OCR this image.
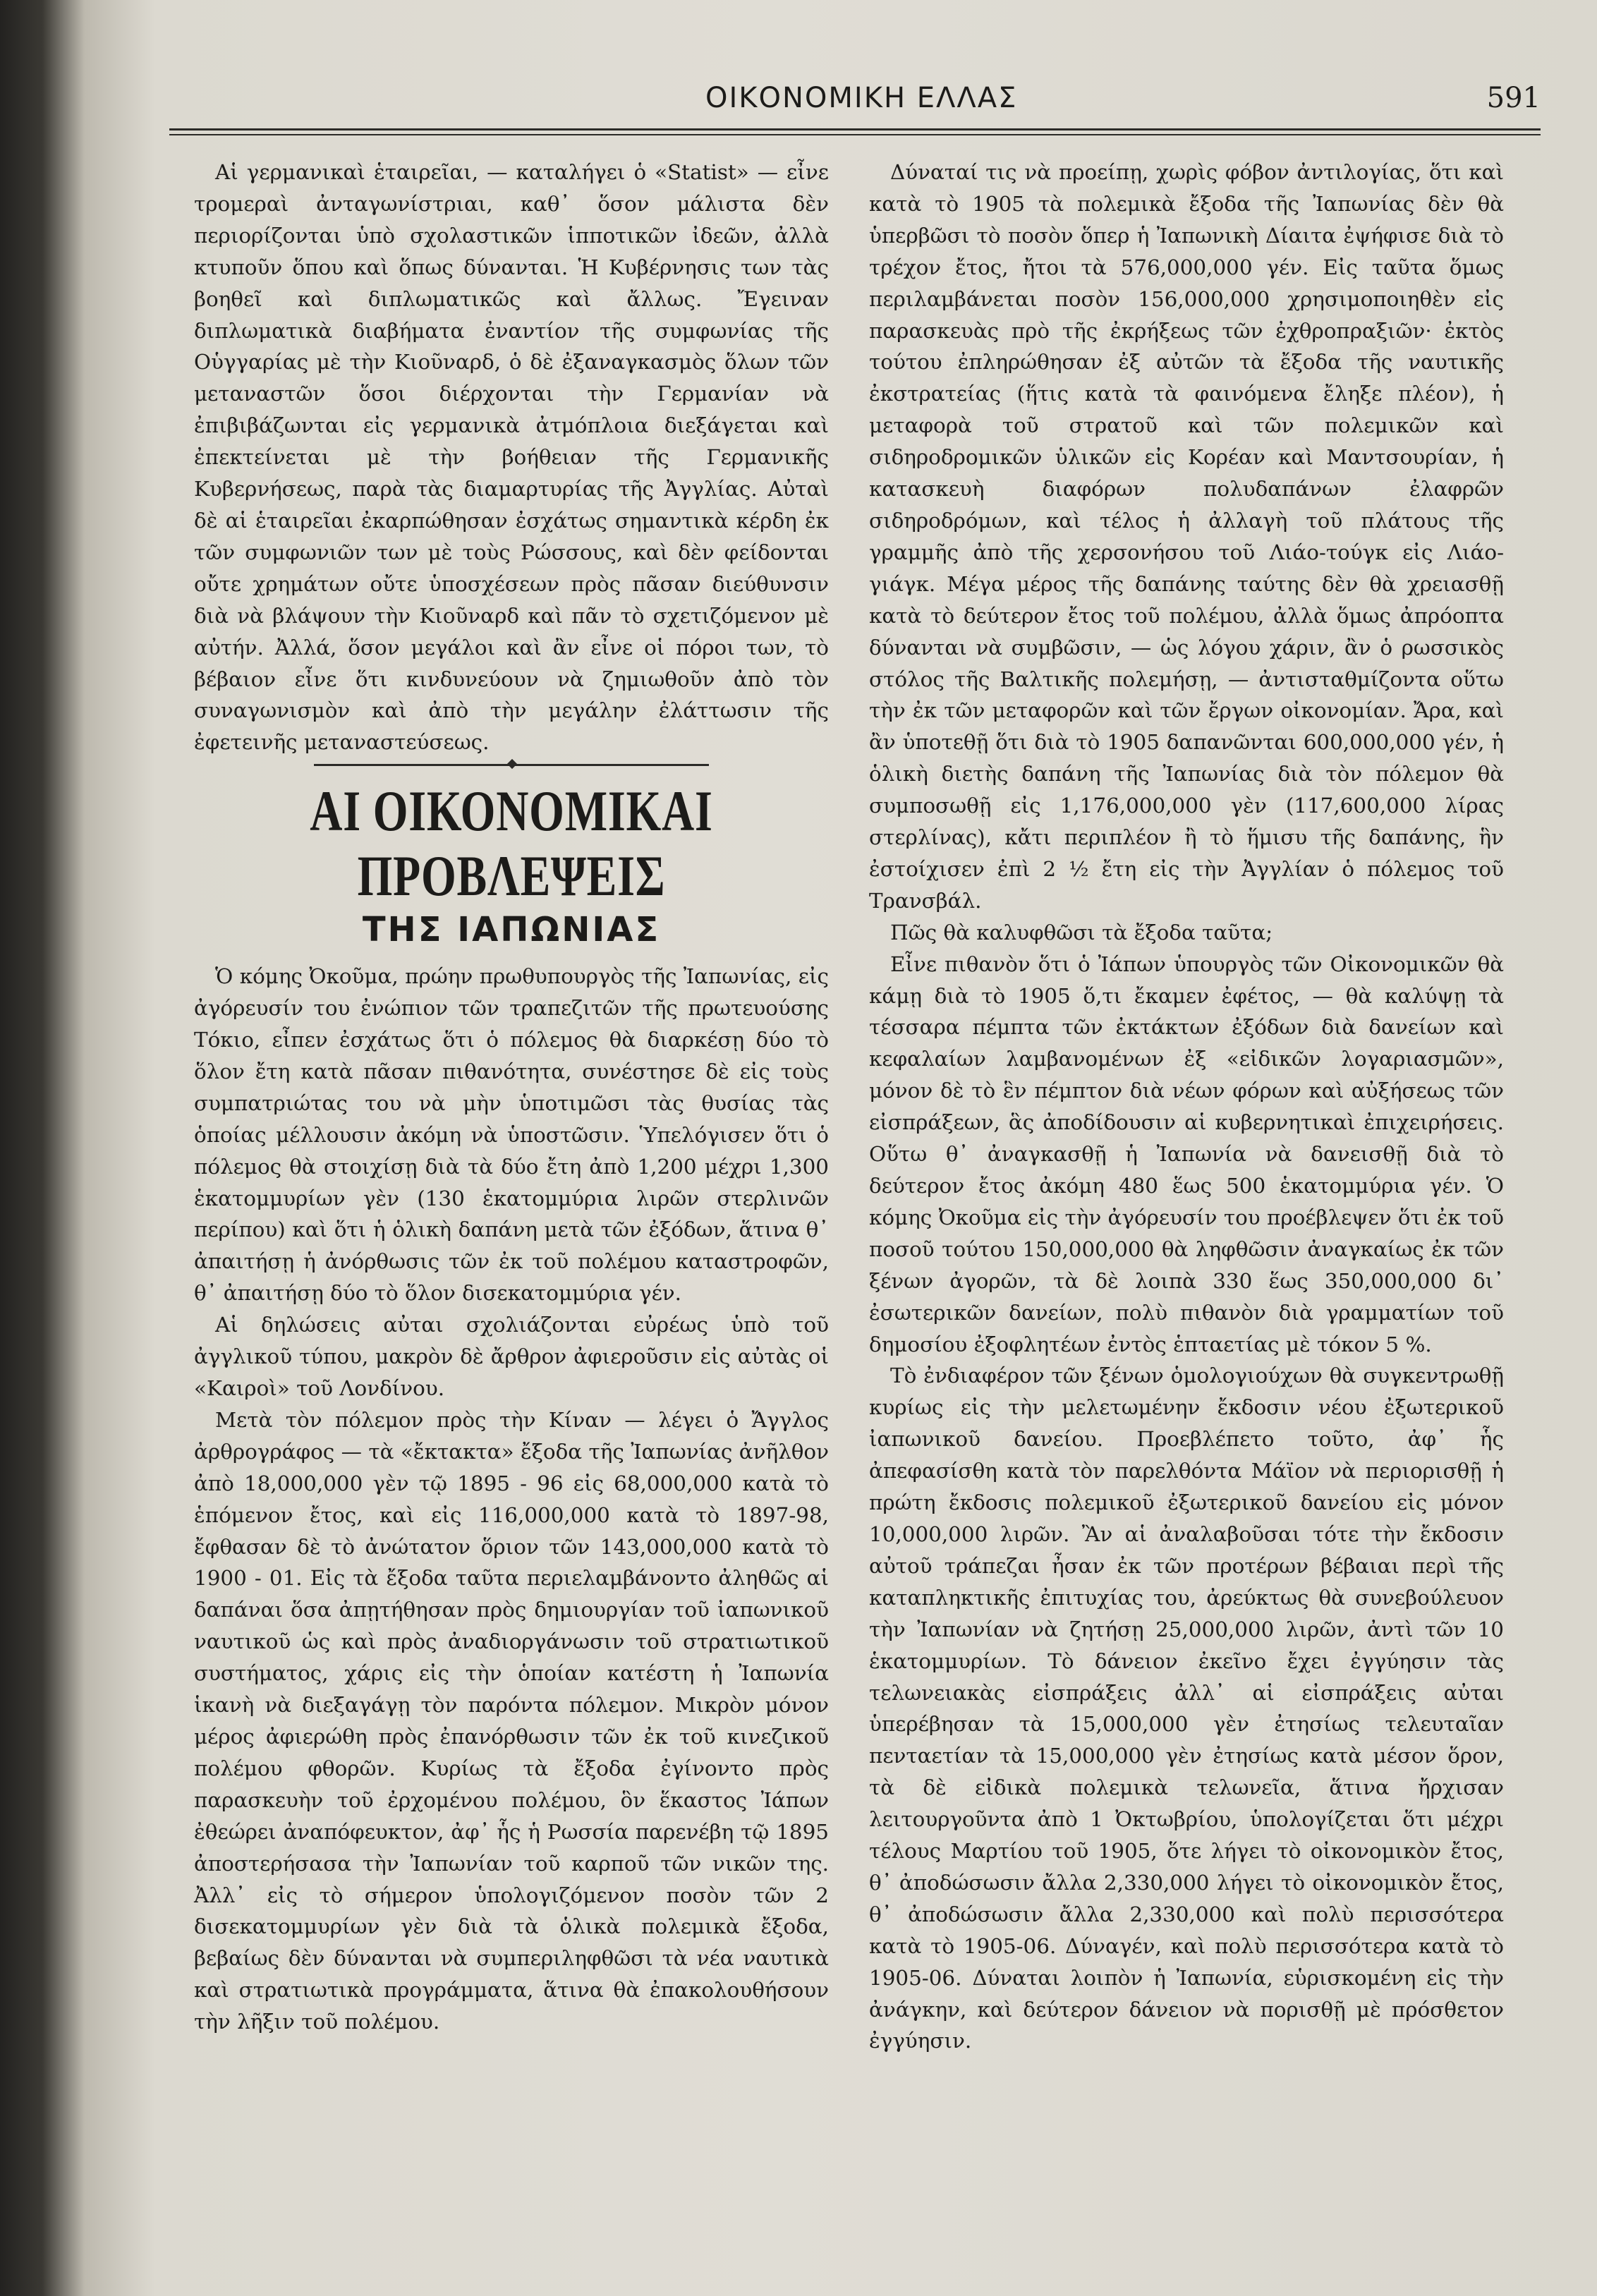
ΟΙΚΟΝΟΜΙΚΗ ΕΛΛΑΣ	591

Αἱ γερμανικαὶ ἑταιρεῖαι, — καταλήγει ὁ «Statist» — εἶνε τρομεραὶ ἀνταγωνίστριαι, καθ᾿ ὅσον μάλιστα δὲν περιορίζονται ὑπὸ σχολαστικῶν ἱπποτικῶν ἰδεῶν, ἀλλὰ κτυποῦν ὅπου καὶ ὅπως δύνανται. Ἡ Κυβέρνησις των τὰς βοηθεῖ καὶ διπλωματικῶς καὶ ἄλλως. Ἔγειναν διπλωματικὰ διαβήματα ἐναντίον τῆς συμφωνίας τῆς Οὑγγαρίας μὲ τὴν Κιοῦναρδ, ὁ δὲ ἐξαναγκασμὸς ὅλων τῶν μεταναστῶν ὅσοι διέρχονται τὴν Γερμανίαν νὰ ἐπιβιβάζωνται εἰς γερμανικὰ ἀτμόπλοια διεξάγεται καὶ ἐπεκτείνεται μὲ τὴν βοήθειαν τῆς Γερμανικῆς Κυβερνήσεως, παρὰ τὰς διαμαρτυρίας τῆς Ἀγγλίας. Αὐταὶ δὲ αἱ ἑταιρεῖαι ἐκαρπώθησαν ἐσχάτως σημαντικὰ κέρδη ἐκ τῶν συμφωνιῶν των μὲ τοὺς Ρώσσους, καὶ δὲν φείδονται οὔτε χρημάτων οὔτε ὑποσχέσεων πρὸς πᾶσαν διεύθυνσιν διὰ νὰ βλάψουν τὴν Κιοῦναρδ καὶ πᾶν τὸ σχετιζόμενον μὲ αὐτήν. Ἀλλά, ὅσον μεγάλοι καὶ ἂν εἶνε οἱ πόροι των, τὸ βέβαιον εἶνε ὅτι κινδυνεύουν νὰ ζημιωθοῦν ἀπὸ τὸν συναγωνισμὸν καὶ ἀπὸ τὴν μεγάλην ἐλάττωσιν τῆς ἐφετεινῆς μεταναστεύσεως.

ΑΙ ΟΙΚΟΝΟΜΙΚΑΙ ΠΡΟΒΛΕΨΕΙΣ
ΤΗΣ ΙΑΠΩΝΙΑΣ

Ὁ κόμης Ὀκοῦμα, πρώην πρωθυπουργὸς τῆς Ἰαπωνίας, εἰς ἀγόρευσίν του ἐνώπιον τῶν τραπεζιτῶν τῆς πρωτευούσης Τόκιο, εἶπεν ἐσχάτως ὅτι ὁ πόλεμος θὰ διαρκέσῃ δύο τὸ ὅλον ἔτη κατὰ πᾶσαν πιθανότητα, συνέστησε δὲ εἰς τοὺς συμπατριώτας του νὰ μὴν ὑποτιμῶσι τὰς θυσίας τὰς ὁποίας μέλλουσιν ἀκόμη νὰ ὑποστῶσιν. Ὑπελόγισεν ὅτι ὁ πόλεμος θὰ στοιχίσῃ διὰ τὰ δύο ἔτη ἀπὸ 1,200 μέχρι 1,300 ἑκατομμυρίων γὲν (130 ἑκατομμύρια λιρῶν στερλινῶν περίπου) καὶ ὅτι ἡ ὁλικὴ δαπάνη μετὰ τῶν ἐξόδων, ἅτινα θ᾿ ἀπαιτήσῃ ἡ ἀνόρθωσις τῶν ἐκ τοῦ πολέμου καταστροφῶν, θ᾿ ἀπαιτήσῃ δύο τὸ ὅλον δισεκατομμύρια γέν.

Αἱ δηλώσεις αὐται σχολιάζονται εὐρέως ὑπὸ τοῦ ἀγγλικοῦ τύπου, μακρὸν δὲ ἄρθρον ἀφιεροῦσιν εἰς αὐτὰς οἱ «Καιροὶ» τοῦ Λονδίνου.

Μετὰ τὸν πόλεμον πρὸς τὴν Κίναν — λέγει ὁ Ἄγγλος ἀρθρογράφος — τὰ «ἔκτακτα» ἔξοδα τῆς Ἰαπωνίας ἀνῆλθον ἀπὸ 18,000,000 γὲν τῷ 1895 - 96 εἰς 68,000,000 κατὰ τὸ ἑπόμενον ἔτος, καὶ εἰς 116,000,000 κατὰ τὸ 1897-98, ἔφθασαν δὲ τὸ ἀνώτατον ὅριον τῶν 143,000,000 κατὰ τὸ 1900 - 01. Εἰς τὰ ἔξοδα ταῦτα περιελαμβάνοντο ἀληθῶς αἱ δαπάναι ὅσα ἀπῃτήθησαν πρὸς δημιουργίαν τοῦ ἰαπωνικοῦ ναυτικοῦ ὡς καὶ πρὸς ἀναδιοργάνωσιν τοῦ στρατιωτικοῦ συστήματος, χάρις εἰς τὴν ὁποίαν κατέστη ἡ Ἰαπωνία ἱκανὴ νὰ διεξαγάγῃ τὸν παρόντα πόλεμον. Μικρὸν μόνον μέρος ἀφιερώθη πρὸς ἐπανόρθωσιν τῶν ἐκ τοῦ κινεζικοῦ πολέμου φθορῶν. Κυρίως τὰ ἔξοδα ἐγίνοντο πρὸς παρασκευὴν τοῦ ἐρχομένου πολέμου, ὃν ἕκαστος Ἰάπων ἐθεώρει ἀναπόφευκτον, ἀφ᾿ ἧς ἡ Ρωσσία παρενέβη τῷ 1895 ἀποστερήσασα τὴν Ἰαπωνίαν τοῦ καρποῦ τῶν νικῶν της. Ἀλλ᾿ εἰς τὸ σήμερον ὑπολογιζόμενον ποσὸν τῶν 2 δισεκατομμυρίων γὲν διὰ τὰ ὁλικὰ πολεμικὰ ἔξοδα, βεβαίως δὲν δύνανται νὰ συμπεριληφθῶσι τὰ νέα ναυτικὰ καὶ στρατιωτικὰ προγράμματα, ἅτινα θὰ ἐπακολουθήσουν τὴν λῆξιν τοῦ πολέμου.

Δύναταί τις νὰ προείπῃ, χωρὶς φόβον ἀντιλογίας, ὅτι καὶ κατὰ τὸ 1905 τὰ πολεμικὰ ἔξοδα τῆς Ἰαπωνίας δὲν θὰ ὑπερβῶσι τὸ ποσὸν ὅπερ ἡ Ἰαπωνικὴ Δίαιτα ἐψήφισε διὰ τὸ τρέχον ἔτος, ἤτοι τὰ 576,000,000 γέν. Εἰς ταῦτα ὅμως περιλαμβάνεται ποσὸν 156,000,000 χρησιμοποιηθὲν εἰς παρασκευὰς πρὸ τῆς ἐκρήξεως τῶν ἐχθροπραξιῶν· ἐκτὸς τούτου ἐπληρώθησαν ἐξ αὐτῶν τὰ ἔξοδα τῆς ναυτικῆς ἐκστρατείας (ἥτις κατὰ τὰ φαινόμενα ἔληξε πλέον), ἡ μεταφορὰ τοῦ στρατοῦ καὶ τῶν πολεμικῶν καὶ σιδηροδρομικῶν ὑλικῶν εἰς Κορέαν καὶ Μαντσουρίαν, ἡ κατασκευὴ διαφόρων πολυδαπάνων ἐλαφρῶν σιδηροδρόμων, καὶ τέλος ἡ ἀλλαγὴ τοῦ πλάτους τῆς γραμμῆς ἀπὸ τῆς χερσονήσου τοῦ Λιάο-τούγκ εἰς Λιάο-γιάγκ. Μέγα μέρος τῆς δαπάνης ταύτης δὲν θὰ χρειασθῇ κατὰ τὸ δεύτερον ἔτος τοῦ πολέμου, ἀλλὰ ὅμως ἀπρόοπτα δύνανται νὰ συμβῶσιν, — ὡς λόγου χάριν, ἂν ὁ ρωσσικὸς στόλος τῆς Βαλτικῆς πολεμήσῃ, — ἀντισταθμίζοντα οὕτω τὴν ἐκ τῶν μεταφορῶν καὶ τῶν ἔργων οἰκονομίαν. Ἄρα, καὶ ἂν ὑποτεθῇ ὅτι διὰ τὸ 1905 δαπανῶνται 600,000,000 γέν, ἡ ὁλικὴ διετὴς δαπάνη τῆς Ἰαπωνίας διὰ τὸν πόλεμον θὰ συμποσωθῇ εἰς 1,176,000,000 γὲν (117,600,000 λίρας στερλίνας), κἄτι περιπλέον ἢ τὸ ἥμισυ τῆς δαπάνης, ἣν ἐστοίχισεν ἐπὶ 2 ½ ἔτη εἰς τὴν Ἀγγλίαν ὁ πόλεμος τοῦ Τρανσβάλ.

Πῶς θὰ καλυφθῶσι τὰ ἔξοδα ταῦτα;

Εἶνε πιθανὸν ὅτι ὁ Ἰάπων ὑπουργὸς τῶν Οἰκονομικῶν θὰ κάμῃ διὰ τὸ 1905 ὅ,τι ἔκαμεν ἐφέτος, — θὰ καλύψῃ τὰ τέσσαρα πέμπτα τῶν ἐκτάκτων ἐξόδων διὰ δανείων καὶ κεφαλαίων λαμβανομένων ἐξ «εἰδικῶν λογαριασμῶν», μόνον δὲ τὸ ἓν πέμπτον διὰ νέων φόρων καὶ αὐξήσεως τῶν εἰσπράξεων, ἃς ἀποδίδουσιν αἱ κυβερνητικαὶ ἐπιχειρήσεις. Οὕτω θ᾿ ἀναγκασθῇ ἡ Ἰαπωνία νὰ δανεισθῇ διὰ τὸ δεύτερον ἔτος ἀκόμη 480 ἕως 500 ἑκατομμύρια γέν. Ὁ κόμης Ὀκοῦμα εἰς τὴν ἀγόρευσίν του προέβλεψεν ὅτι ἐκ τοῦ ποσοῦ τούτου 150,000,000 θὰ ληφθῶσιν ἀναγκαίως ἐκ τῶν ξένων ἀγορῶν, τὰ δὲ λοιπὰ 330 ἕως 350,000,000 δι᾿ ἐσωτερικῶν δανείων, πολὺ πιθανὸν διὰ γραμματίων τοῦ δημοσίου ἐξοφλητέων ἐντὸς ἑπταετίας μὲ τόκον 5 %.

Τὸ ἐνδιαφέρον τῶν ξένων ὁμολογιούχων θὰ συγκεντρωθῇ κυρίως εἰς τὴν μελετωμένην ἔκδοσιν νέου ἐξωτερικοῦ ἰαπωνικοῦ δανείου. Προεβλέπετο τοῦτο, ἀφ᾿ ἧς ἀπεφασίσθη κατὰ τὸν παρελθόντα Μάϊον νὰ περιορισθῇ ἡ πρώτη ἔκδοσις πολεμικοῦ ἐξωτερικοῦ δανείου εἰς μόνον 10,000,000 λιρῶν. Ἂν αἱ ἀναλαβοῦσαι τότε τὴν ἔκδοσιν αὐτοῦ τράπεζαι ἦσαν ἐκ τῶν προτέρων βέβαιαι περὶ τῆς καταπληκτικῆς ἐπιτυχίας του, ἀρεύκτως θὰ συνεβούλευον τὴν Ἰαπωνίαν νὰ ζητήσῃ 25,000,000 λιρῶν, ἀντὶ τῶν 10 ἑκατομμυρίων. Τὸ δάνειον ἐκεῖνο ἔχει ἐγγύησιν τὰς τελωνειακὰς εἰσπράξεις ἀλλ᾿ αἱ εἰσπράξεις αὐται ὑπερέβησαν τὰ 15,000,000 γὲν ἐτησίως τελευταῖαν πενταετίαν τὰ 15,000,000 γὲν ἐτησίως κατὰ μέσον ὅρον, τὰ δὲ εἰδικὰ πολεμικὰ τελωνεῖα, ἅτινα ἤρχισαν λειτουργοῦντα ἀπὸ 1 Ὀκτωβρίου, ὑπολογίζεται ὅτι μέχρι τέλους Μαρτίου τοῦ 1905, ὅτε λήγει τὸ οἰκονομικὸν ἔτος, θ᾿ ἀποδώσωσιν ἄλλα 2,330,000 λήγει τὸ οἰκονομικὸν ἔτος, θ᾿ ἀποδώσωσιν ἄλλα 2,330,000 καὶ πολὺ περισσότερα κατὰ τὸ 1905-06. Δύναγέν, καὶ πολὺ περισσότερα κατὰ τὸ 1905-06. Δύναται λοιπὸν ἡ Ἰαπωνία, εὑρισκομένη εἰς τὴν ἀνάγκην, καὶ δεύτερον δάνειον νὰ πορισθῇ μὲ πρόσθετον ἐγγύησιν.
